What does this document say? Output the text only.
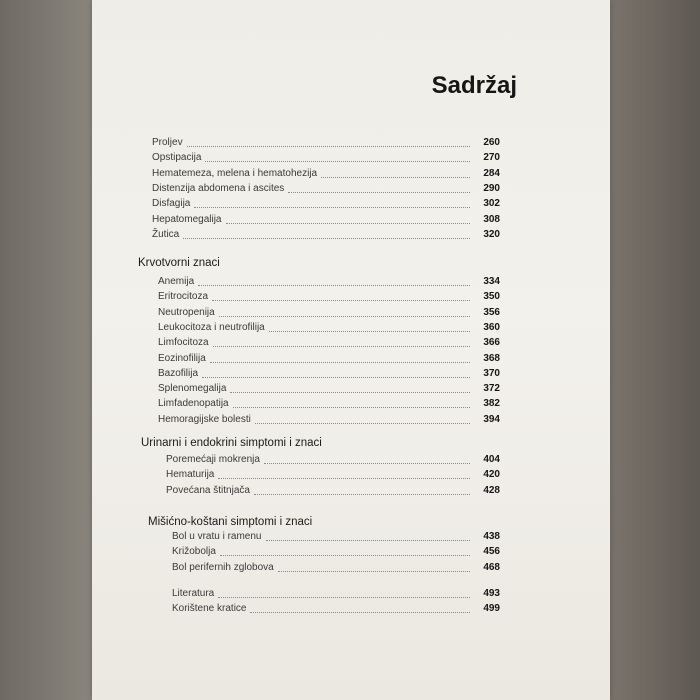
Sadržaj
Proljev	260
Opstipacija	270
Hematemeza, melena i hematohezija	284
Distenzija abdomena i ascites	290
Disfagija	302
Hepatomegalija	308
Žutica	320
Krvotvorni znaci
Anemija	334
Eritrocitoza	350
Neutropenija	356
Leukocitoza i neutrofilija	360
Limfocitoza	366
Eozinofilija	368
Bazofilija	370
Splenomegalija	372
Limfadenopatija	382
Hemoragijske bolesti	394
Urinarni i endokrini simptomi i znaci
Poremećaji mokrenja	404
Hematurija	420
Povećana štitnjača	428
Mišićno-koštani simptomi i znaci
Bol u vratu i ramenu	438
Križobolja	456
Bol perifernih zglobova	468
Literatura	493
Korištene kratice	499
